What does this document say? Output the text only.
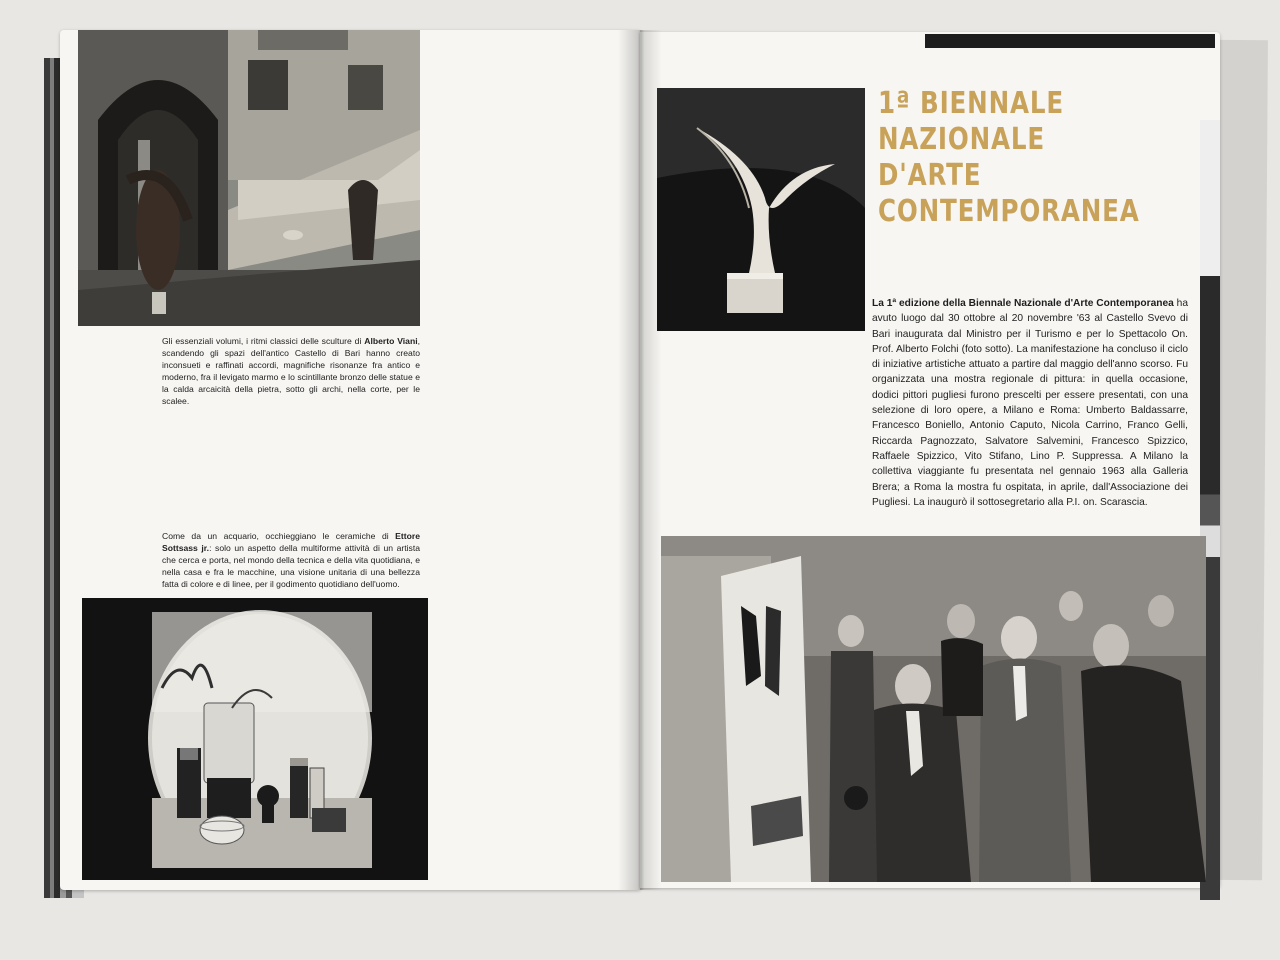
Gli essenziali volumi, i ritmi classici delle sculture di Alberto Viani, scandendo gli spazi dell'antico Castello di Bari hanno creato inconsueti e raffinati accordi, magnifiche risonanze fra antico e moderno, fra il levigato marmo e lo scintillante bronzo delle statue e la calda arcaicità della pietra, sotto gli archi, nella corte, per le scalee.

Come da un acquario, occhieggiano le ceramiche di Ettore Sottsass jr.: solo un aspetto della multiforme attività di un artista che cerca e porta, nel mondo della tecnica e della vita quotidiana, e nella casa e fra le macchine, una visione unitaria di una bellezza fatta di colore e di linee, per il godimento quotidiano dell'uomo.

1ª BIENNALE
NAZIONALE
D'ARTE
CONTEMPORANEA

La 1ª edizione della Biennale Nazionale d'Arte Contemporanea ha avuto luogo dal 30 ottobre al 20 novembre '63 al Castello Svevo di Bari inaugurata dal Ministro per il Turismo e per lo Spettacolo On. Prof. Alberto Folchi (foto sotto). La manifestazione ha concluso il ciclo di iniziative artistiche attuato a partire dal maggio dell'anno scorso. Fu organizzata una mostra regionale di pittura: in quella occasione, dodici pittori pugliesi furono prescelti per essere presentati, con una selezione di loro opere, a Milano e Roma: Umberto Baldassarre, Francesco Boniello, Antonio Caputo, Nicola Carrino, Franco Gelli, Riccarda Pagnozzato, Salvatore Salvemini, Francesco Spizzico, Raffaele Spizzico, Vito Stifano, Lino P. Suppressa. A Milano la collettiva viaggiante fu presentata nel gennaio 1963 alla Galleria Brera; a Roma la mostra fu ospitata, in aprile, dall'Associazione dei Pugliesi. La inaugurò il sottosegretario alla P.I. on. Scarascia.
